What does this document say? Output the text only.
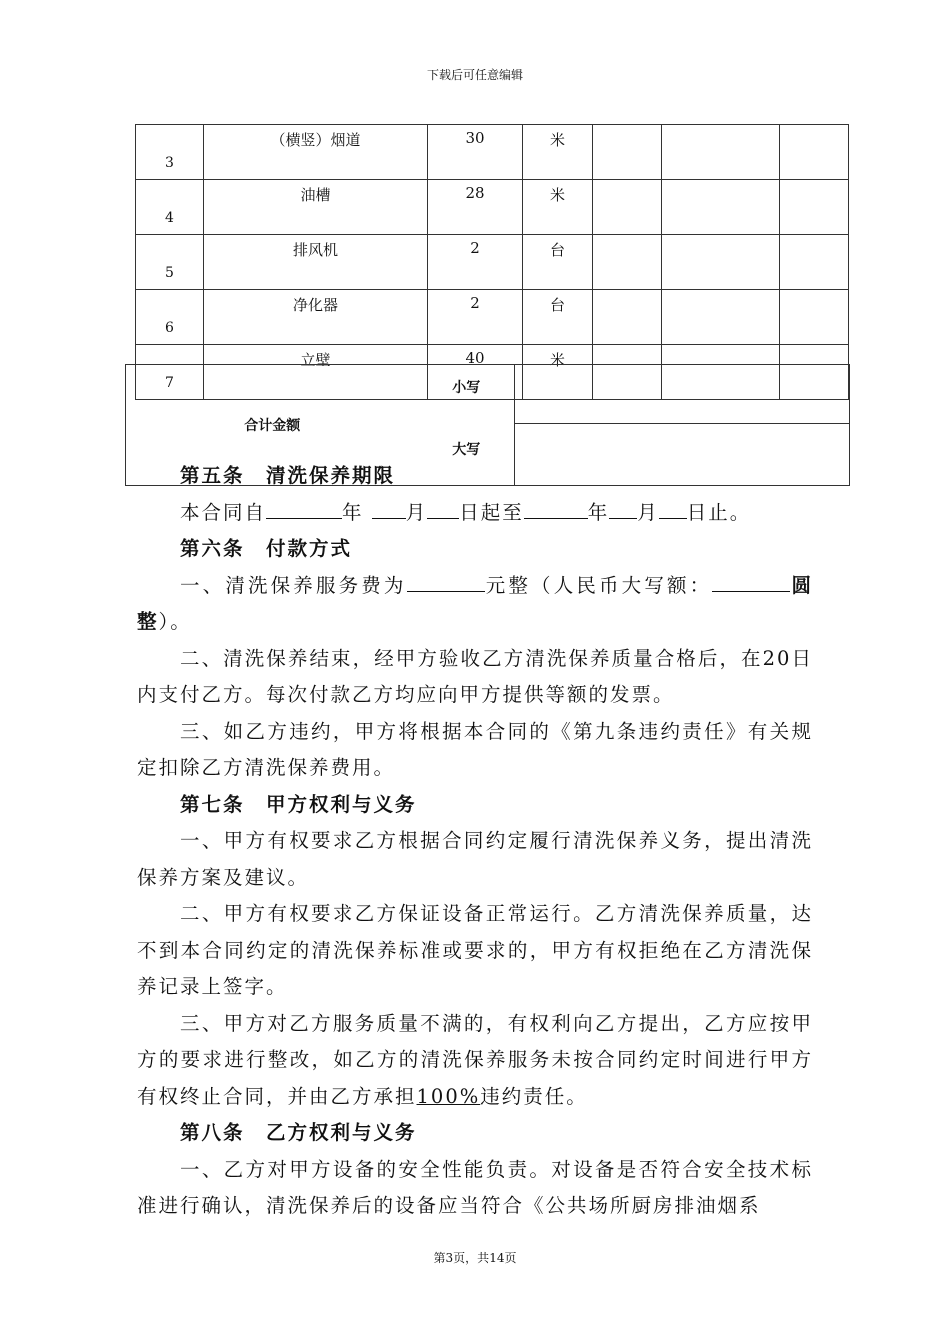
下载后可任意编辑
3	（横竖）烟道	30	米			
4	油槽	28	米			
5	排风机	2	台			
6	净化器	2	台			
7	立壁	40	米			
合计金额	小写	
	大写	

第五条　清洗保养期限

本合同自	年 月 日起至	年 月 日止。

第六条　付款方式

一、清洗保养服务费为	元整（人民币大写额：	圆整）。

二、清洗保养结束，经甲方验收乙方清洗保养质量合格后，在20日内支付乙方。每次付款乙方均应向甲方提供等额的发票。

三、如乙方违约，甲方将根据本合同的《第九条违约责任》有关规定扣除乙方清洗保养费用。

第七条　甲方权利与义务

一、甲方有权要求乙方根据合同约定履行清洗保养义务，提出清洗保养方案及建议。

二、甲方有权要求乙方保证设备正常运行。乙方清洗保养质量，达不到本合同约定的清洗保养标准或要求的，甲方有权拒绝在乙方清洗保养记录上签字。

三、甲方对乙方服务质量不满的，有权利向乙方提出，乙方应按甲方的要求进行整改，如乙方的清洗保养服务未按合同约定时间进行甲方有权终止合同，并由乙方承担100%违约责任。

第八条　乙方权利与义务

一、乙方对甲方设备的安全性能负责。对设备是否符合安全技术标准进行确认，清洗保养后的设备应当符合《公共场所厨房排油烟系

第3页，共14页
